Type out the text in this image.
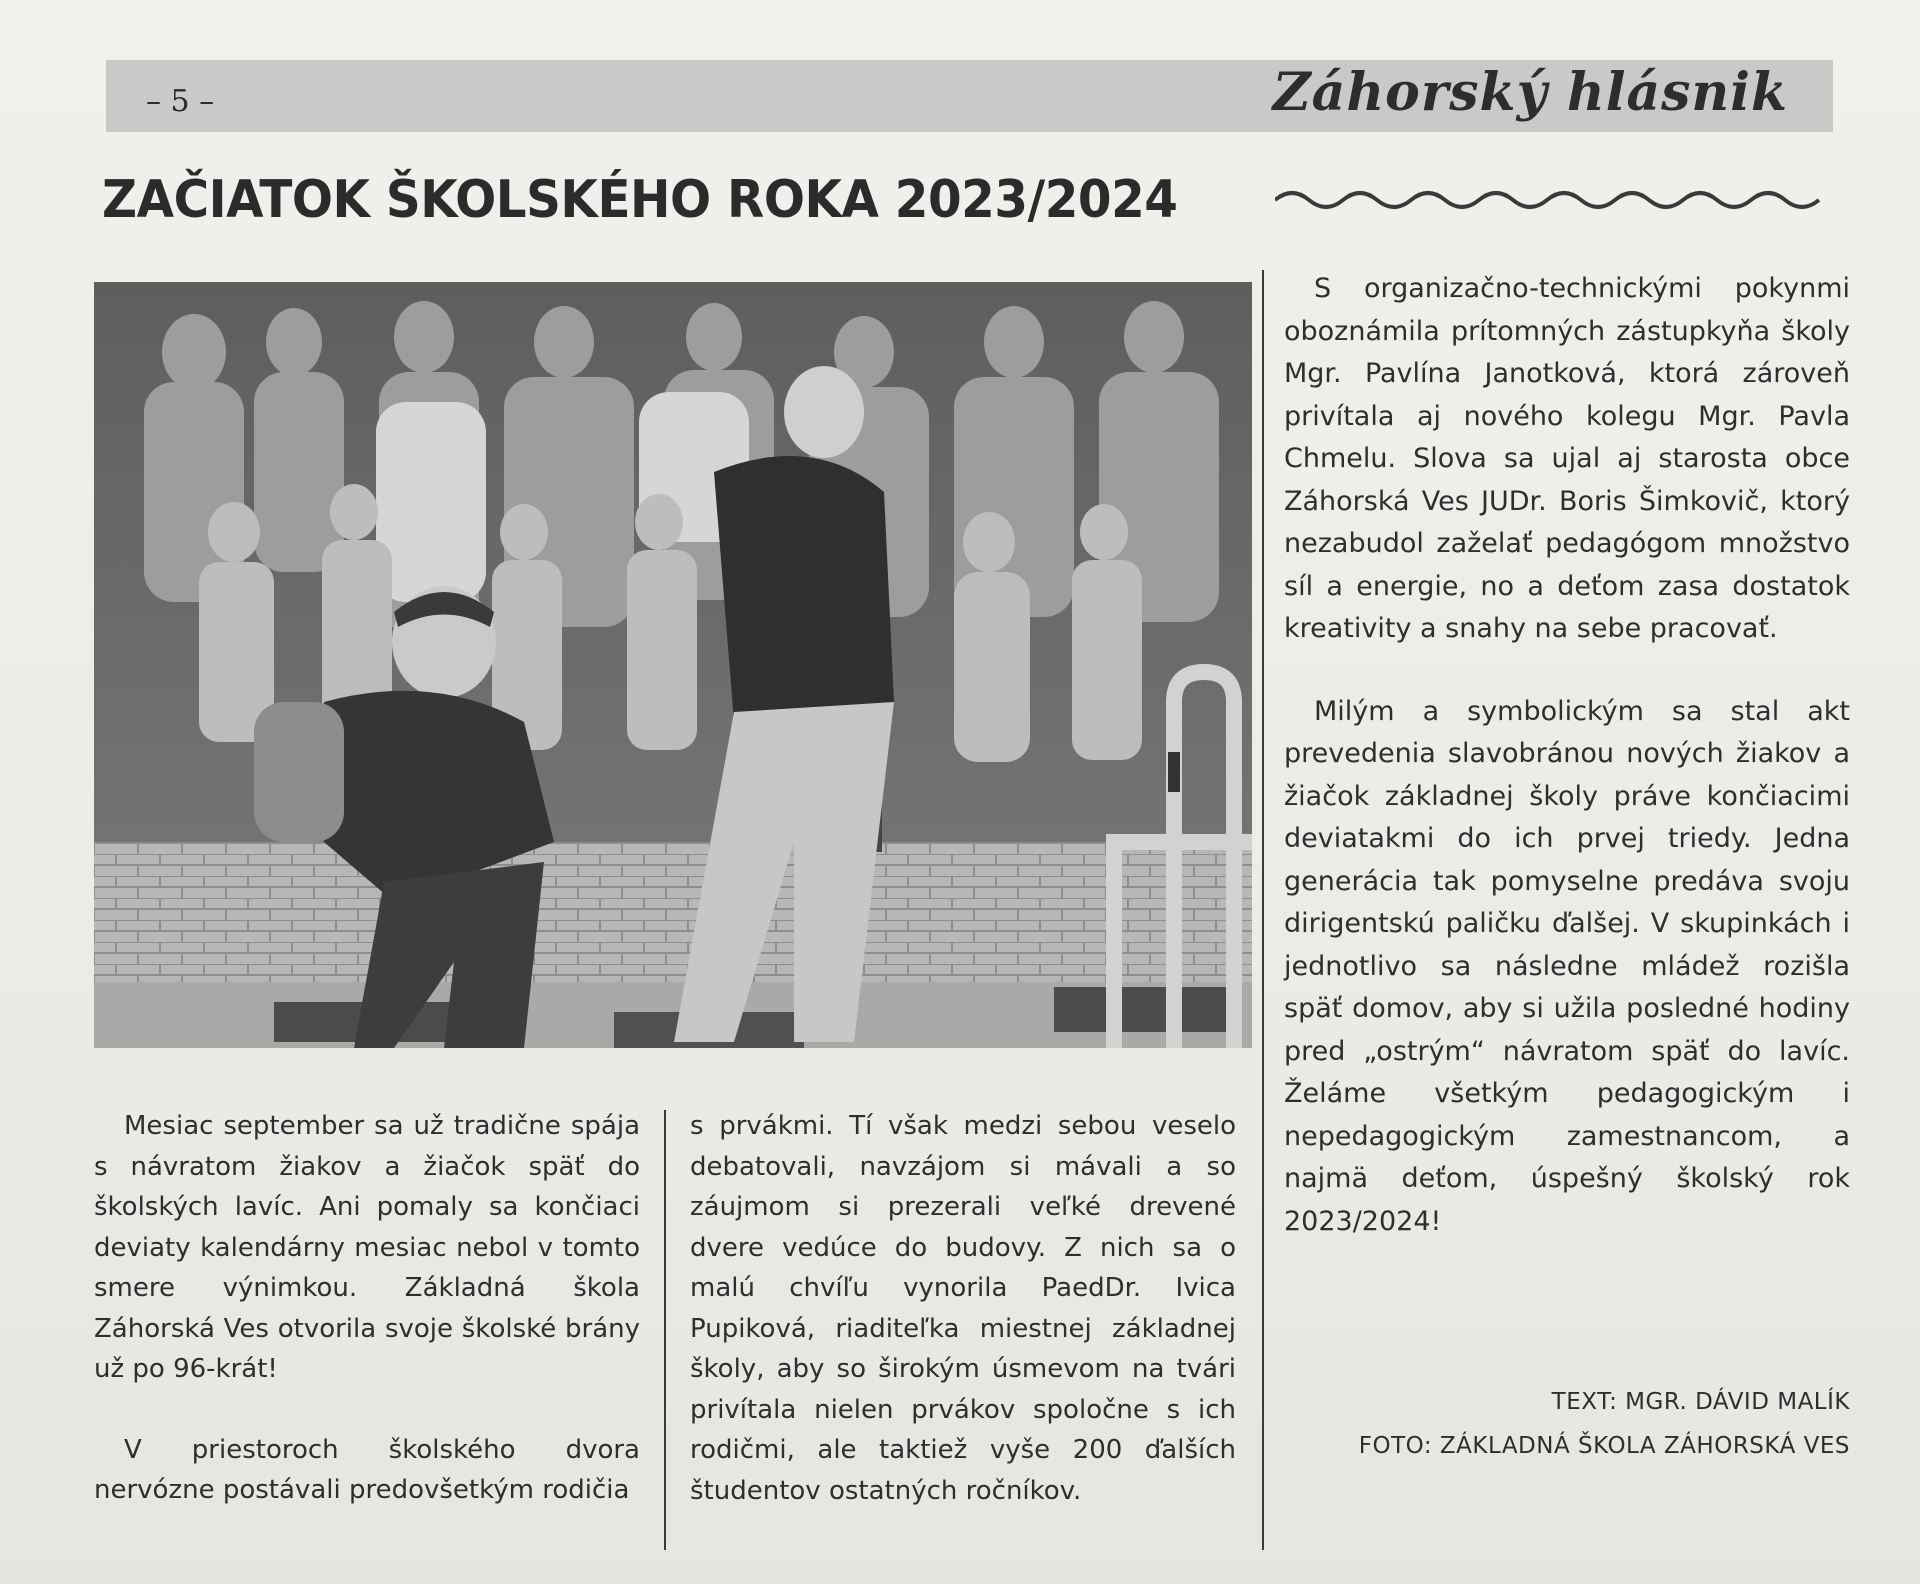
– 5 –	Záhorský hlásnik
ZAČIATOK ŠKOLSKÉHO ROKA 2023/2024

Mesiac september sa už tradične spája s návratom žiakov a žiačok späť do školských lavíc. Ani pomaly sa končiaci deviaty kalendárny mesiac nebol v tomto smere výnimkou. Základná škola Záhorská Ves otvorila svoje školské brány už po 96-krát!

V priestoroch školského dvora nervózne postávali predovšetkým rodičia

s prvákmi. Tí však medzi sebou veselo debatovali, navzájom si mávali a so záujmom si prezerali veľké drevené dvere vedúce do budovy. Z nich sa o malú chvíľu vynorila PaedDr. Ivica Pupiková, riaditeľka miestnej základnej školy, aby so širokým úsmevom na tvári privítala nielen prvákov spoločne s ich rodičmi, ale taktiež vyše 200 ďalších študentov ostatných ročníkov.

S organizačno-technickými pokynmi oboznámila prítomných zástupkyňa školy Mgr. Pavlína Janotková, ktorá zároveň privítala aj nového kolegu Mgr. Pavla Chmelu. Slova sa ujal aj starosta obce Záhorská Ves JUDr. Boris Šimkovič, ktorý nezabudol zaželať pedagógom množstvo síl a energie, no a deťom zasa dostatok kreativity a snahy na sebe pracovať.

Milým a symbolickým sa stal akt prevedenia slavobránou nových žiakov a žiačok základnej školy práve končiacimi deviatakmi do ich prvej triedy. Jedna generácia tak pomyselne predáva svoju dirigentskú paličku ďalšej. V skupinkách i jednotlivo sa následne mládež rozišla späť domov, aby si užila posledné hodiny pred „ostrým“ návratom späť do lavíc. Želáme všetkým pedagogickým i nepedagogickým zamestnancom, a najmä deťom, úspešný školský rok 2023/2024!

TEXT: MGR. DÁVID MALÍK
FOTO: ZÁKLADNÁ ŠKOLA ZÁHORSKÁ VES
